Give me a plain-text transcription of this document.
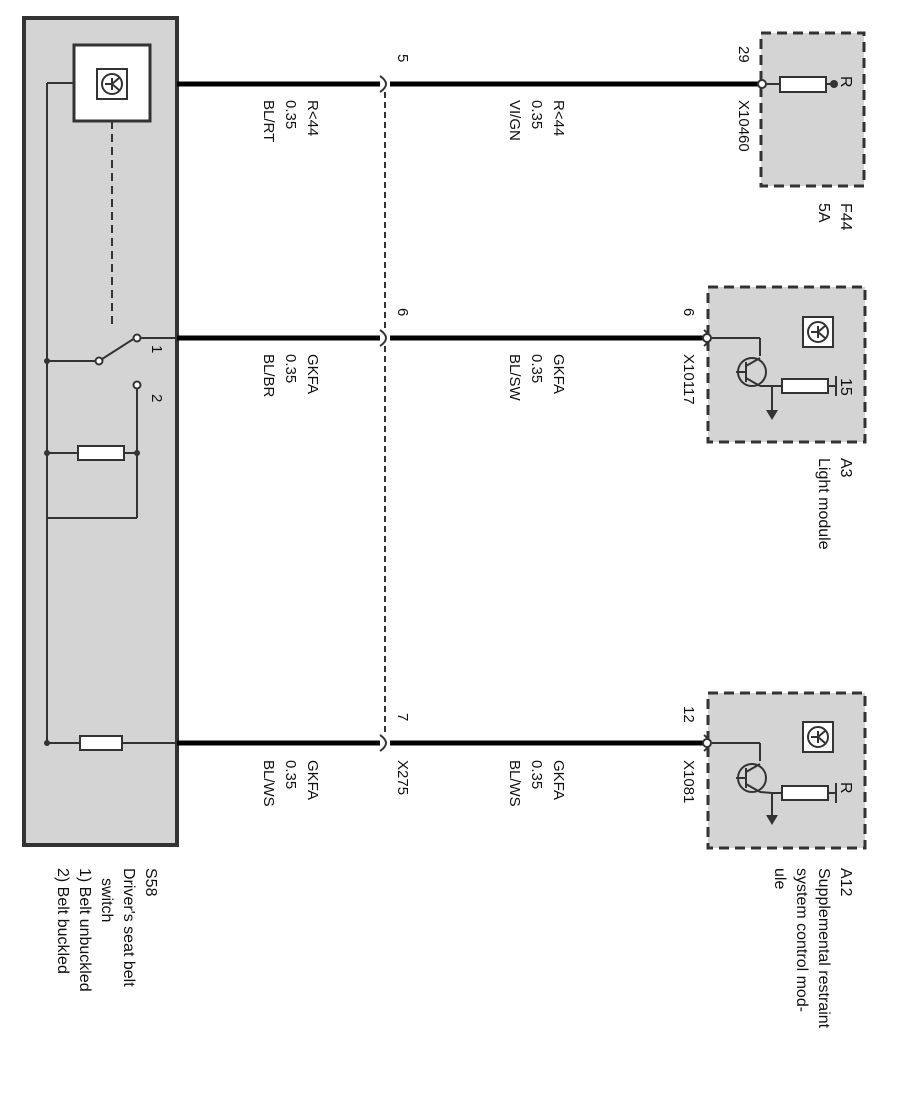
1
2
R<44
0.35
BL/RT
GKFA
0.35
BL/BR
GKFA
0.35
BL/WS
5
6
7
X275
R<44
0.35
VI/GN
GKFA
0.35
BL/SW
GKFA
0.35
BL/WS
29
X10460
6
X10117
12
X1081
R
F44
5A
15
A3
Light module
R
A12
Supplemental restraint
system control mod-
ule
S58
Driver's seat belt
switch
1) Belt unbuckled
2) Belt buckled
